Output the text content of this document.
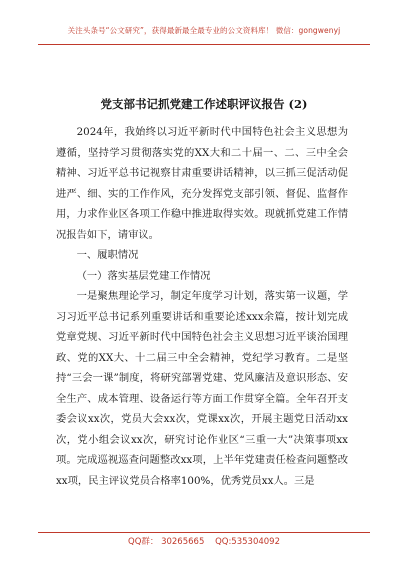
关注头条号“公文研究”，获得最新最全最专业的公文资料库！ 微信：gongwenyj
党支部书记抓党建工作述职评议报告 (2)

2024年，我始终以习近平新时代中国特色社会主义思想为遵循，坚持学习贯彻落实党的XX大和二十届一、二、三中全会精神、习近平总书记视察甘肃重要讲话精神，以三抓三促活动促进严、细、实的工作作风，充分发挥党支部引领、督促、监督作用，力求作业区各项工作稳中推进取得实效。现就抓党建工作情况报告如下，请审议。

一、履职情况

（一）落实基层党建工作情况

一是聚焦理论学习，制定年度学习计划，落实第一议题，学习习近平总书记系列重要讲话和重要论述xxx余篇，按计划完成党章党规、习近平新时代中国特色社会主义思想习近平谈治国理政、党的XX大、十二届三中全会精神，党纪学习教育。二是坚持“三会一课”制度，将研究部署党建、党风廉洁及意识形态、安全生产、成本管理、设备运行等方面工作贯穿全篇。全年召开支委会议xx次，党员大会xx次，党课xx次，开展主题党日活动xx次，党小组会议xx次，研究讨论作业区“三重一大”决策事项xx项。完成巡视巡查问题整改xx项，上半年党建责任检查问题整改xx项，民主评议党员合格率100%，优秀党员xx人。三是

QQ群： 30265665 QQ:535304092
